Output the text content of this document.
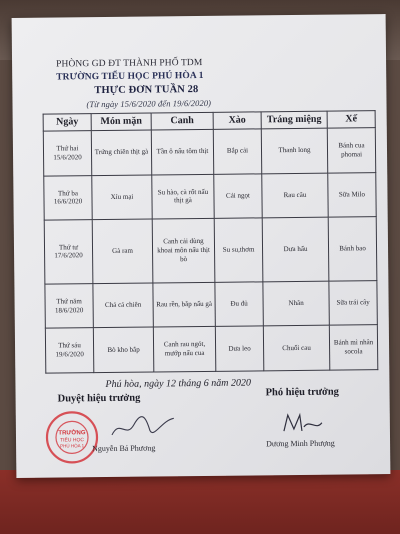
PHÒNG GD ĐT THÀNH PHỐ TDM
TRƯỜNG TIỂU HỌC PHÚ HÒA 1
THỰC ĐƠN TUẦN 28
(Từ ngày 15/6/2020 đến 19/6/2020)
Ngày	Món mặn	Canh	Xào	Tráng miệng	Xế
Thứ hai
15/6/2020	Trứng chiên thịt gà	Tần ô nấu tôm thịt	Bắp cải	Thanh long	Bánh cua phomai
Thứ ba
16/6/2020	Xíu mại	Su hào, cà rốt nấu thịt gà	Cải ngọt	Rau câu	Sữa Milo
Thứ tư
17/6/2020	Gà ram	Canh cải dùng khoai môn nấu thịt bò	Su su,thơm	Dưa hấu	Bánh bao
Thứ năm
18/6/2020	Chả cá chiên	Rau rền, bắp nấu gà	Đu đủ	Nhãn	Sữa trái cây
Thứ sáu
19/6/2020	Bò kho bắp	Canh rau ngót, mướp nấu cua	Dưa leo	Chuối cau	Bánh mì nhân socola
Phú hòa, ngày 12 tháng 6 năm 2020
Duyệt hiệu trưởng
Phó hiệu trưởng
TRƯỜNG
TIỂU HỌC
PHÚ HÒA 1 Nguyễn Bá Phương	Dương Minh Phượng
